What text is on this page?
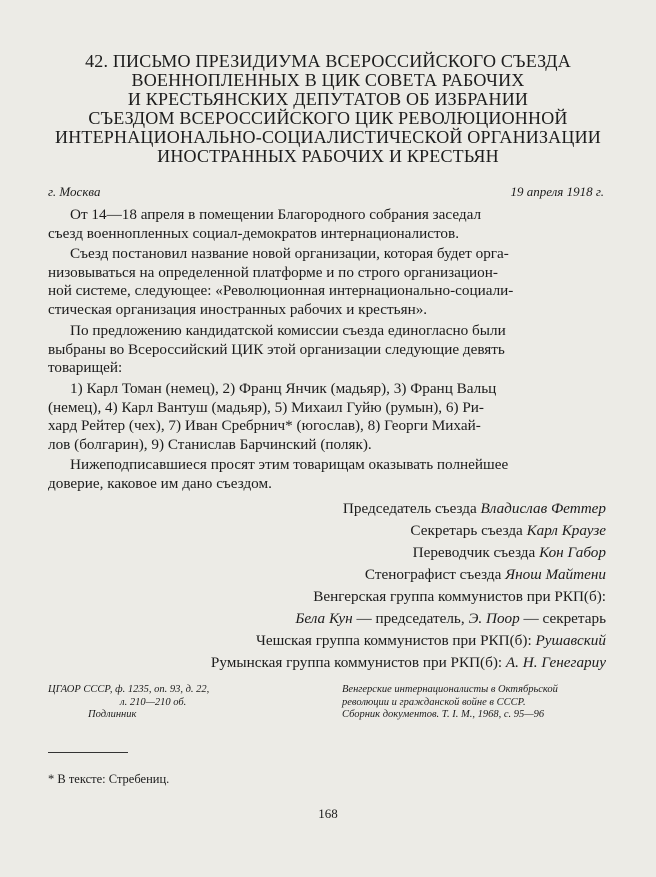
42. ПИСЬМО ПРЕЗИДИУМА ВСЕРОССИЙСКОГО СЪЕЗДА
ВОЕННОПЛЕННЫХ В ЦИК СОВЕТА РАБОЧИХ
И КРЕСТЬЯНСКИХ ДЕПУТАТОВ ОБ ИЗБРАНИИ
СЪЕЗДОМ ВСЕРОССИЙСКОГО ЦИК РЕВОЛЮЦИОННОЙ
ИНТЕРНАЦИОНАЛЬНО-СОЦИАЛИСТИЧЕСКОЙ ОРГАНИЗАЦИИ
ИНОСТРАННЫХ РАБОЧИХ И КРЕСТЬЯН
г. Москва	19 апреля 1918 г.

От 14—18 апреля в помещении Благородного собрания заседал
съезд военнопленных социал-демократов интернационалистов.

Съезд постановил название новой организации, которая будет орга-
низовываться на определенной платформе и по строго организацион-
ной системе, следующее: «Революционная интернационально-социали-
стическая организация иностранных рабочих и крестьян».

По предложению кандидатской комиссии съезда единогласно были
выбраны во Всероссийский ЦИК этой организации следующие девять
товарищей:

1) Карл Томан (немец), 2) Франц Янчик (мадьяр), 3) Франц Вальц
(немец), 4) Карл Вантуш (мадьяр), 5) Михаил Гуйю (румын), 6) Ри-
хард Рейтер (чех), 7) Иван Сребрнич* (югослав), 8) Георги Михай-
лов (болгарин), 9) Станислав Барчинский (поляк).

Нижеподписавшиеся просят этим товарищам оказывать полнейшее
доверие, каковое им дано съездом.

Председатель съезда Владислав Феттер
Секретарь съезда Карл Краузе
Переводчик съезда Кон Габор
Стенографист съезда Янош Майтени
Венгерская группа коммунистов при РКП(б):
Бела Кун — председатель, Э. Поор — секретарь
Чешская группа коммунистов при РКП(б): Рушавский
Румынская группа коммунистов при РКП(б): А. Н. Генегариу
ЦГАОР СССР, ф. 1235, оп. 93, д. 22,
л. 210—210 об.
Подлинник
Венгерские интернационалисты в Октябрьской
революции и гражданской войне в СССР.
Сборник документов. Т. I. М., 1968, с. 95—96
* В тексте: Стребениц.
168
